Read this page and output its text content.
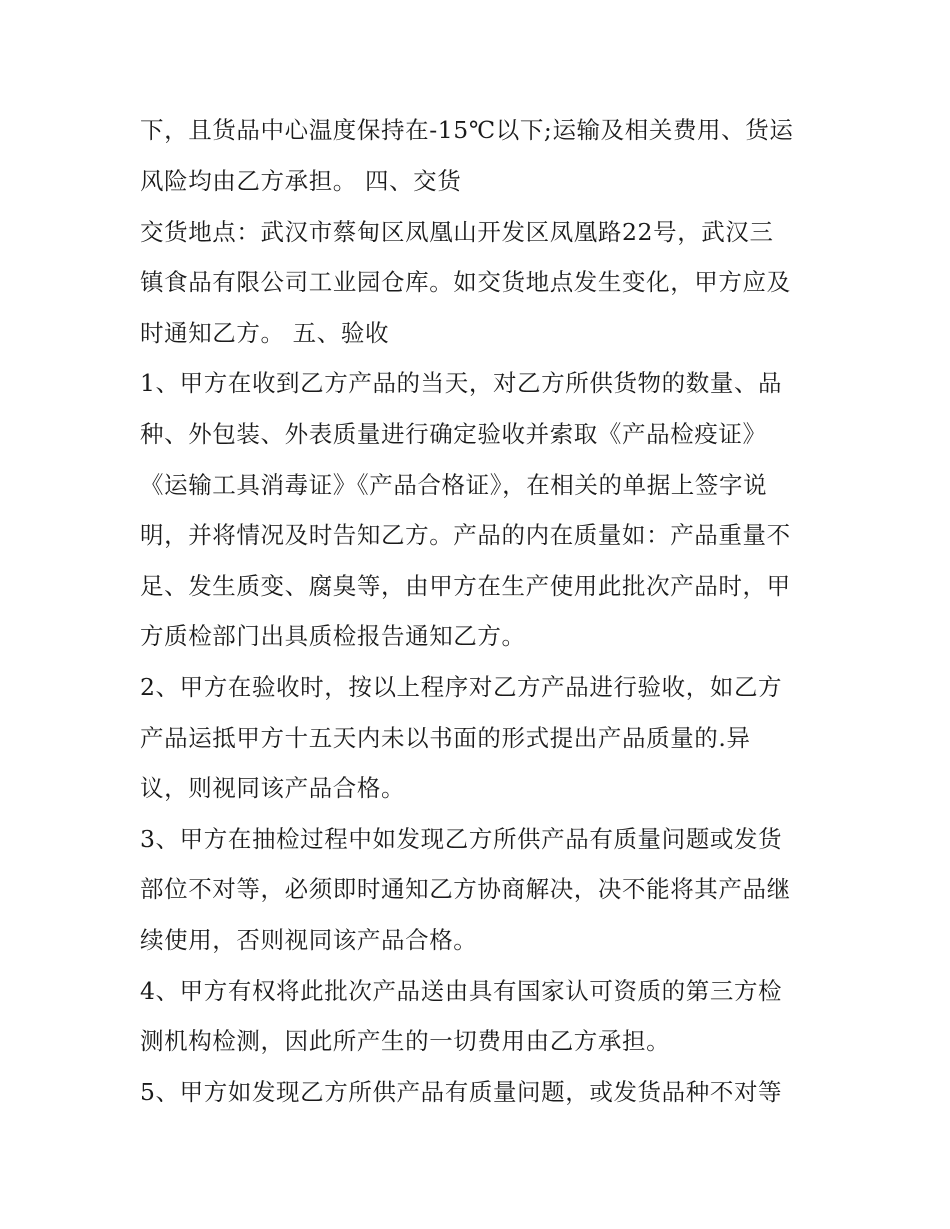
下，且货品中心温度保持在-15℃以下;运输及相关费用、货运
风险均由乙方承担。 四、交货
交货地点：武汉市蔡甸区凤凰山开发区凤凰路22号，武汉三
镇食品有限公司工业园仓库。如交货地点发生变化，甲方应及
时通知乙方。 五、验收
1、甲方在收到乙方产品的当天，对乙方所供货物的数量、品
种、外包装、外表质量进行确定验收并索取《产品检疫证》
《运输工具消毒证》《产品合格证》，在相关的单据上签字说
明，并将情况及时告知乙方。产品的内在质量如：产品重量不
足、发生质变、腐臭等，由甲方在生产使用此批次产品时，甲
方质检部门出具质检报告通知乙方。
2、甲方在验收时，按以上程序对乙方产品进行验收，如乙方
产品运抵甲方十五天内未以书面的形式提出产品质量的.异
议，则视同该产品合格。
3、甲方在抽检过程中如发现乙方所供产品有质量问题或发货
部位不对等，必须即时通知乙方协商解决，决不能将其产品继
续使用，否则视同该产品合格。
4、甲方有权将此批次产品送由具有国家认可资质的第三方检
测机构检测，因此所产生的一切费用由乙方承担。
5、甲方如发现乙方所供产品有质量问题，或发货品种不对等
